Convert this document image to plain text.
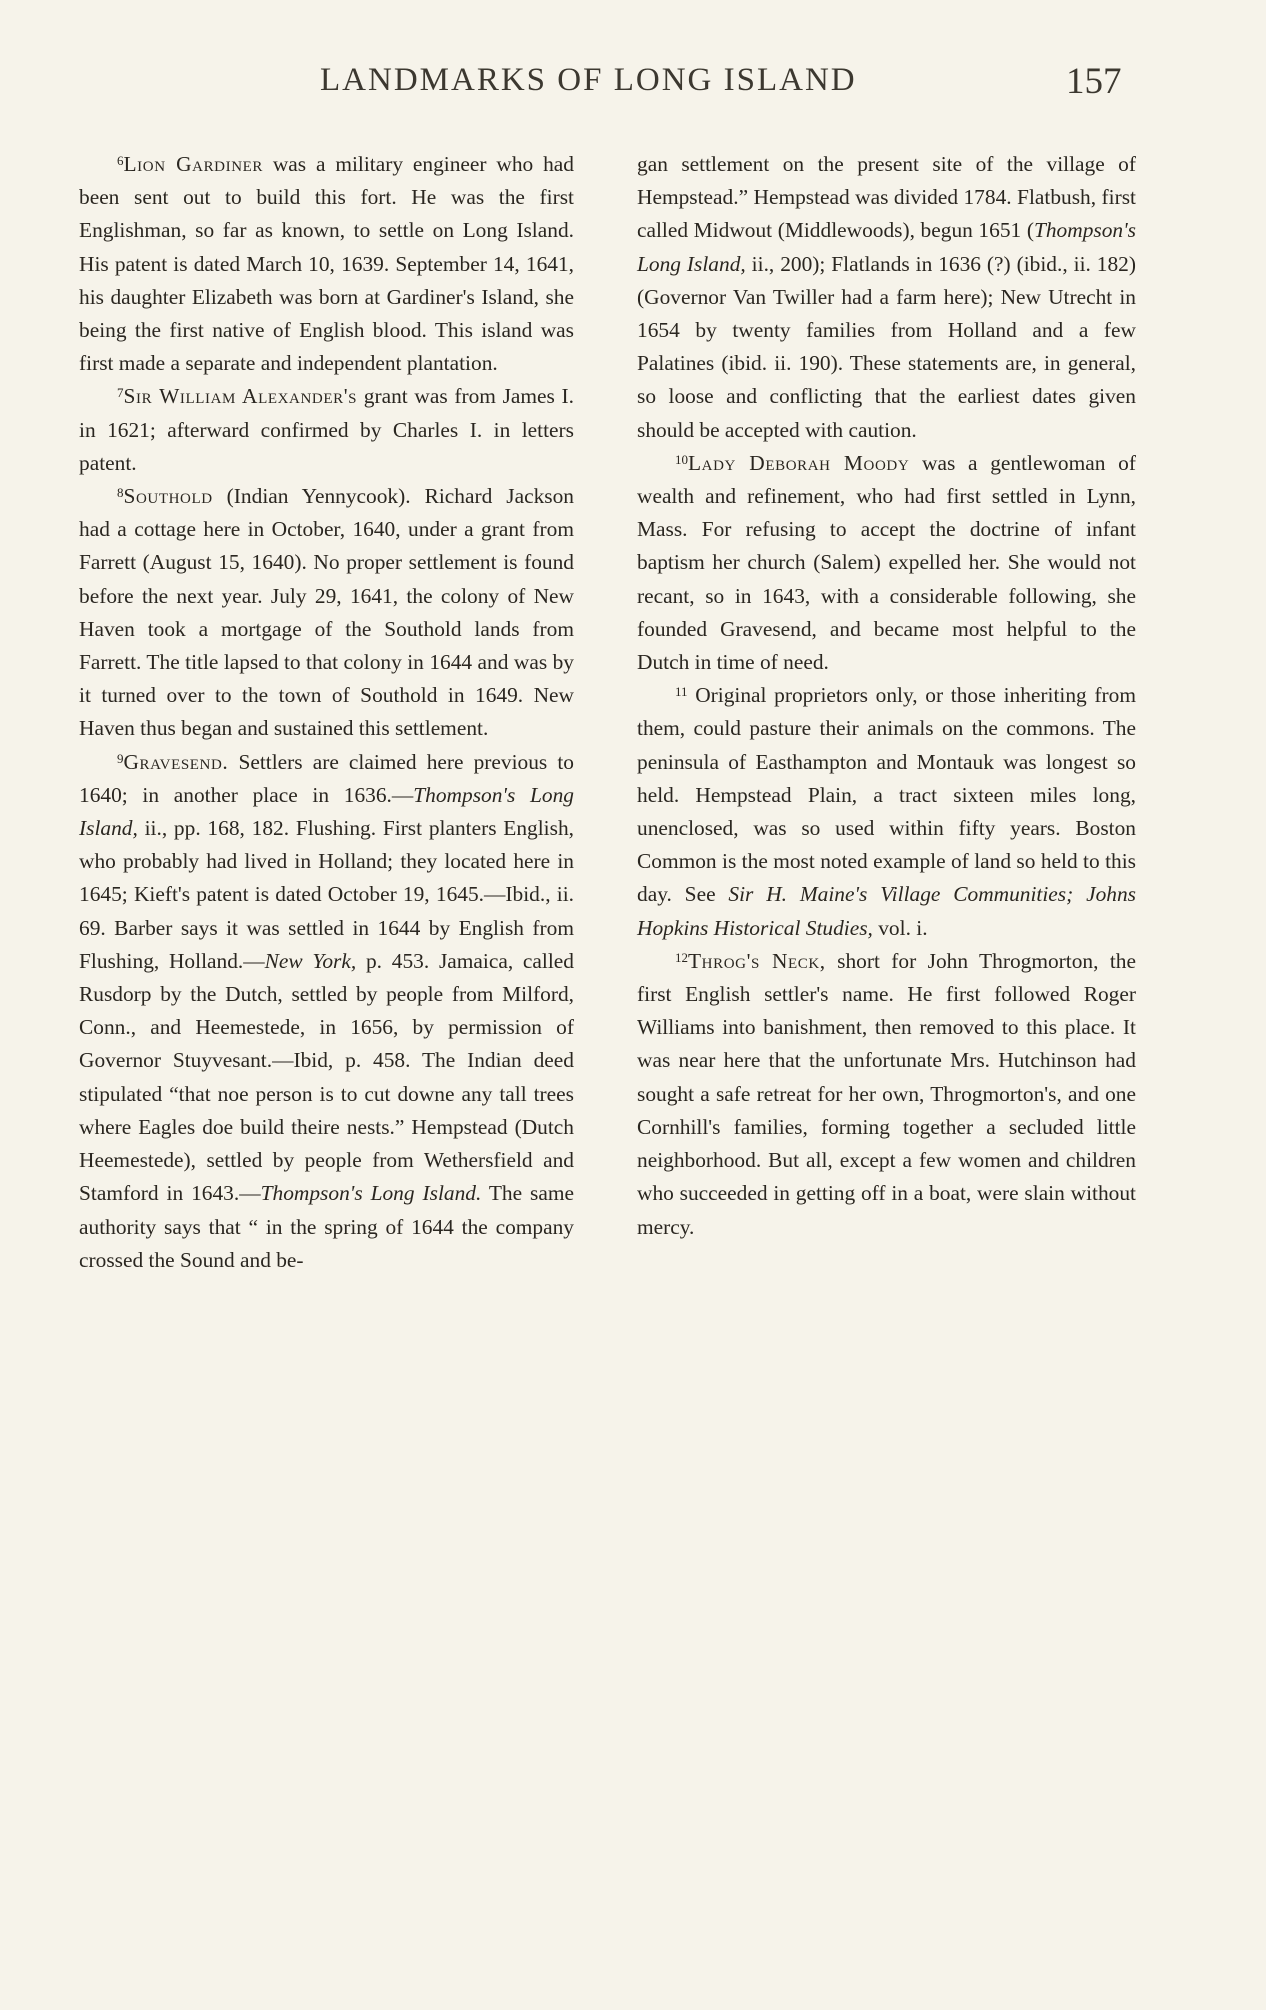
LANDMARKS OF LONG ISLAND	157

$^6$Lion Gardiner was a military engineer who had been sent out to build this fort. He was the first Englishman, so far as known, to settle on Long Island. His patent is dated March 10, 1639. September 14, 1641, his daughter Elizabeth was born at Gardiner's Island, she being the first native of English blood. This island was first made a separate and independent plantation.

$^7$Sir William Alexander's grant was from James I. in 1621; afterward confirmed by Charles I. in letters patent.

$^8$Southold (Indian Yennycook). Richard Jackson had a cottage here in October, 1640, under a grant from Farrett (August 15, 1640). No proper settlement is found before the next year. July 29, 1641, the colony of New Haven took a mortgage of the Southold lands from Farrett. The title lapsed to that colony in 1644 and was by it turned over to the town of Southold in 1649. New Haven thus began and sustained this settlement.

$^9$Gravesend. Settlers are claimed here previous to 1640; in another place in 1636.—Thompson's Long Island, ii., pp. 168, 182. Flushing. First planters English, who probably had lived in Holland; they located here in 1645; Kieft's patent is dated October 19, 1645.—Ibid., ii. 69. Barber says it was settled in 1644 by English from Flushing, Holland.—New York, p. 453. Jamaica, called Rusdorp by the Dutch, settled by people from Milford, Conn., and Heemestede, in 1656, by permission of Governor Stuyvesant.—Ibid, p. 458. The Indian deed stipulated “that noe person is to cut downe any tall trees where Eagles doe build theire nests.” Hempstead (Dutch Heemestede), settled by people from Wethersfield and Stamford in 1643.—Thompson's Long Island. The same authority says that “ in the spring of 1644 the company crossed the Sound and be-

gan settlement on the present site of the village of Hempstead.” Hempstead was divided 1784. Flatbush, first called Midwout (Middlewoods), begun 1651 (Thompson's Long Island, ii., 200); Flatlands in 1636 (?) (ibid., ii. 182) (Governor Van Twiller had a farm here); New Utrecht in 1654 by twenty families from Holland and a few Palatines (ibid. ii. 190). These statements are, in general, so loose and conflicting that the earliest dates given should be accepted with caution.

$^{10}$Lady Deborah Moody was a gentlewoman of wealth and refinement, who had first settled in Lynn, Mass. For refusing to accept the doctrine of infant baptism her church (Salem) expelled her. She would not recant, so in 1643, with a considerable following, she founded Gravesend, and became most helpful to the Dutch in time of need.

$^{11}$ Original proprietors only, or those inheriting from them, could pasture their animals on the commons. The peninsula of Easthampton and Montauk was longest so held. Hempstead Plain, a tract sixteen miles long, unenclosed, was so used within fifty years. Boston Common is the most noted example of land so held to this day. See Sir H. Maine's Village Communities; Johns Hopkins Historical Studies, vol. i.

$^{12}$Throg's Neck, short for John Throgmorton, the first English settler's name. He first followed Roger Williams into banishment, then removed to this place. It was near here that the unfortunate Mrs. Hutchinson had sought a safe retreat for her own, Throgmorton's, and one Cornhill's families, forming together a secluded little neighborhood. But all, except a few women and children who succeeded in getting off in a boat, were slain without mercy.
